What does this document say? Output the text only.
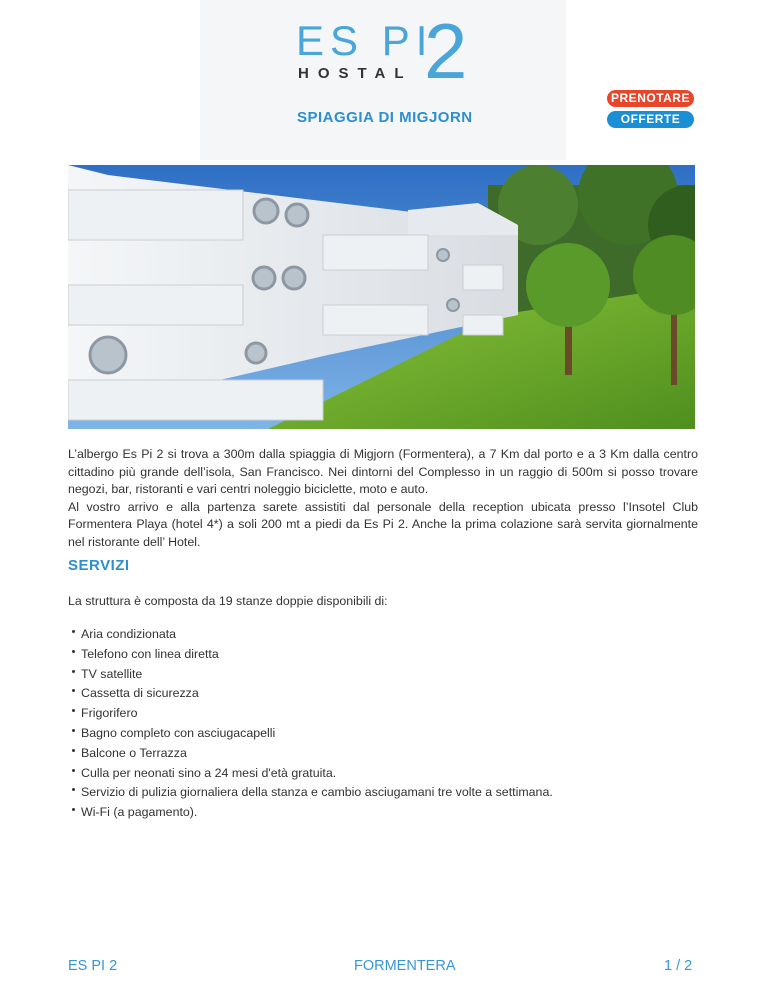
ES PI
HOSTAL 2
SPIAGGIA DI MIGJORN
PRENOTARE
OFFERTE

L’albergo Es Pi 2 si trova a 300m dalla spiaggia di Migjorn (Formentera), a 7 Km dal porto e a 3 Km dalla centro cittadino più grande dell’isola, San Francisco. Nei dintorni del Complesso in un raggio di 500m si posso trovare negozi, bar, ristoranti e vari centri noleggio biciclette, moto e auto.

Al vostro arrivo e alla partenza sarete assistiti dal personale della reception ubicata presso l’Insotel Club Formentera Playa (hotel 4*) a soli 200 mt a piedi da Es Pi 2. Anche la prima colazione sarà servita giornalmente nel ristorante dell’ Hotel.

SERVIZI
La struttura è composta da 19 stanze doppie disponibili di:
Aria condizionata
Telefono con linea diretta
TV satellite
Cassetta di sicurezza
Frigorifero
Bagno completo con asciugacapelli
Balcone o Terrazza
Culla per neonati sino a 24 mesi d'età gratuita.
Servizio di pulizia giornaliera della stanza e cambio asciugamani tre volte a settimana.
Wi-Fi (a pagamento).
ES PI 2	FORMENTERA	1 / 2
